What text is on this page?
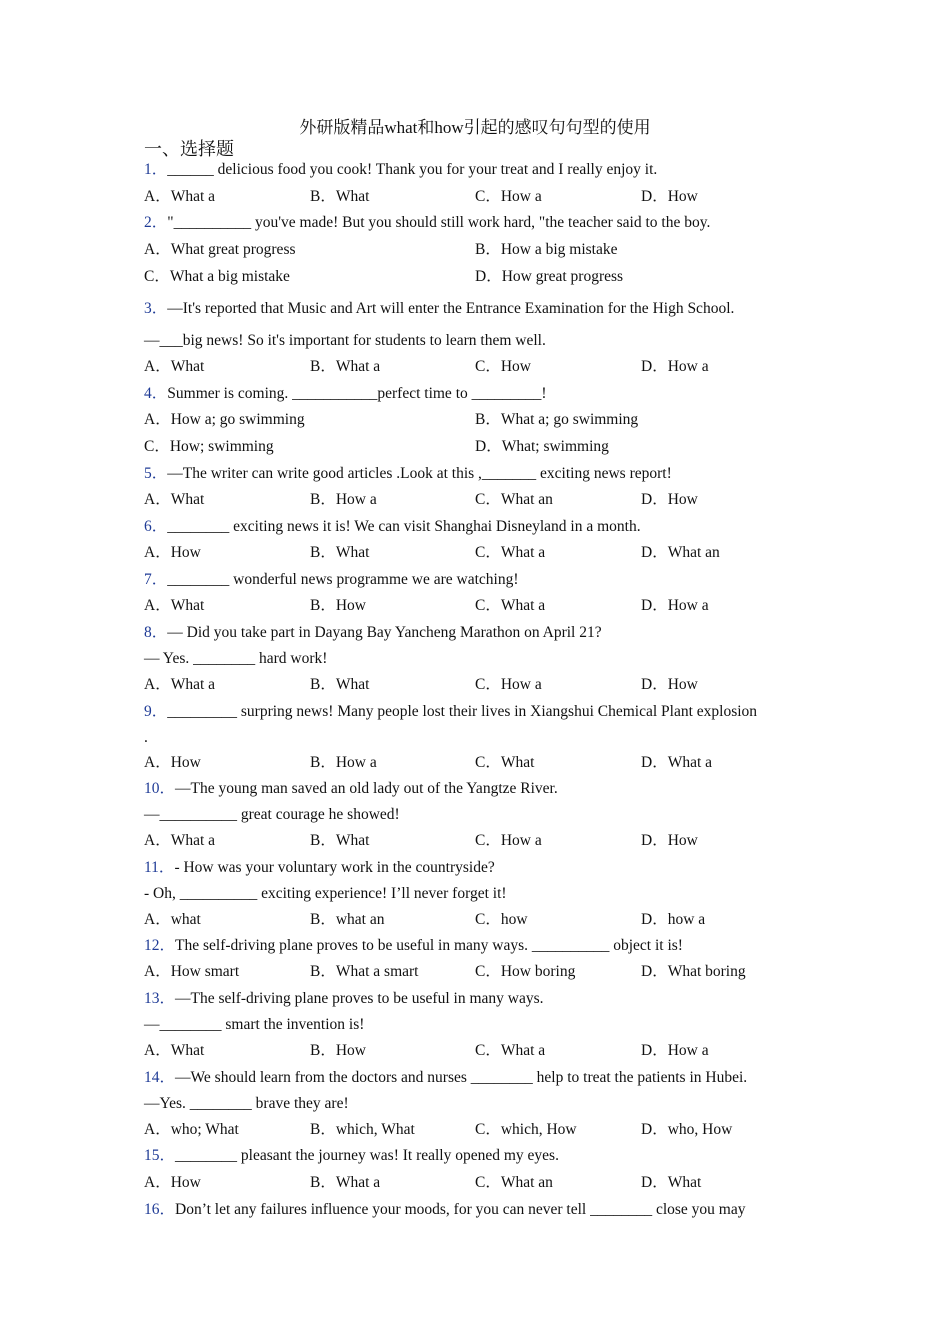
外研版精品what和how引起的感叹句句型的使用
一、选择题
1．______ delicious food you cook! Thank you for your treat and I really enjoy it.
A．What a	B．What	C．How a	D．How
2．"__________ you've made! But you should still work hard, "the teacher said to the boy.
A．What great progress	B．How a big mistake
C．What a big mistake	D．How great progress
3．—It's reported that Music and Art will enter the Entrance Examination for the High School.
—___big news! So it's important for students to learn them well.
A．What	B．What a	C．How	D．How a
4．Summer is coming. ___________perfect time to _________!
A．How a; go swimming	B．What a; go swimming
C．How; swimming	D．What; swimming
5．—The writer can write good articles .Look at this ,_______ exciting news report!
A．What	B．How a	C．What an	D．How
6．________ exciting news it is! We can visit Shanghai Disneyland in a month.
A．How	B．What	C．What a	D．What an
7．________ wonderful news programme we are watching!
A．What	B．How	C．What a	D．How a
8．— Did you take part in Dayang Bay Yancheng Marathon on April 21?
— Yes. ________ hard work!
A．What a	B．What	C．How a	D．How
9．_________ surpring news! Many people lost their lives in Xiangshui Chemical Plant explosion
.
A．How	B．How a	C．What	D．What a
10．—The young man saved an old lady out of the Yangtze River.
—__________ great courage he showed!
A．What a	B．What	C．How a	D．How
11．- How was your voluntary work in the countryside?
- Oh, __________ exciting experience! I’ll never forget it!
A．what	B．what an	C．how	D．how a
12．The self-driving plane proves to be useful in many ways. __________ object it is!
A．How smart	B．What a smart	C．How boring	D．What boring
13．—The self-driving plane proves to be useful in many ways.
—________ smart the invention is!
A．What	B．How	C．What a	D．How a
14．—We should learn from the doctors and nurses ________ help to treat the patients in Hubei.
—Yes. ________ brave they are!
A．who; What	B．which, What	C．which, How	D．who, How
15．________ pleasant the journey was! It really opened my eyes.
A．How	B．What a	C．What an	D．What
16．Don’t let any failures influence your moods, for you can never tell ________ close you may
